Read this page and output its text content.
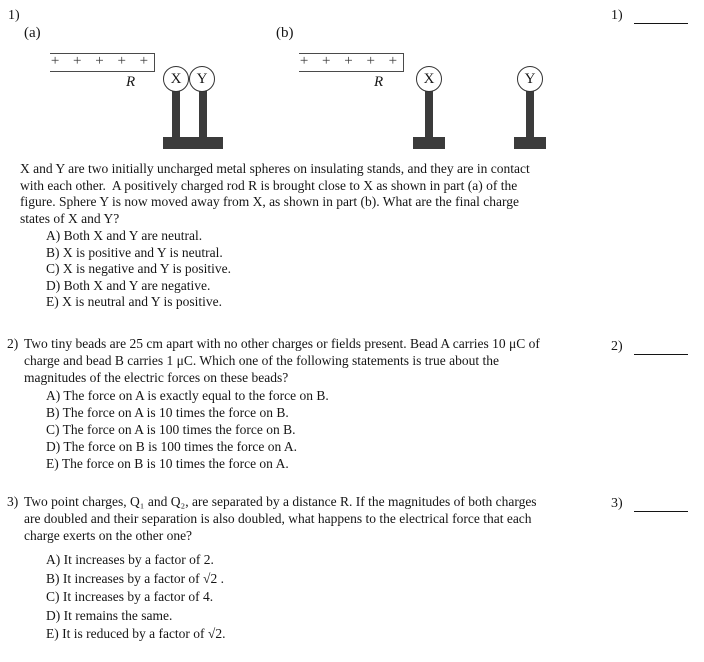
1)
(a)
+ + + + +
R X Y
(b)
+ + + + +
R	X	Y
1)
2)
3)
X and Y are two initially uncharged metal spheres on insulating stands, and they are in contact
with each other.  A positively charged rod R is brought close to X as shown in part (a) of the
figure. Sphere Y is now moved away from X, as shown in part (b). What are the final charge
states of X and Y?
A) Both X and Y are neutral.
B) X is positive and Y is neutral.
C) X is negative and Y is positive.
D) Both X and Y are negative.
E) X is neutral and Y is positive.
2) Two tiny beads are 25 cm apart with no other charges or fields present. Bead A carries 10 μC of
charge and bead B carries 1 μC. Which one of the following statements is true about the
magnitudes of the electric forces on these beads?
A) The force on A is exactly equal to the force on B.
B) The force on A is 10 times the force on B.
C) The force on A is 100 times the force on B.
D) The force on B is 100 times the force on A.
E) The force on B is 10 times the force on A.
3) Two point charges, Q₁ and Q₂, are separated by a distance R. If the magnitudes of both charges
are doubled and their separation is also doubled, what happens to the electrical force that each
charge exerts on the other one?
A) It increases by a factor of 2.
B) It increases by a factor of √2 .
C) It increases by a factor of 4.
D) It remains the same.
E) It is reduced by a factor of √2.
